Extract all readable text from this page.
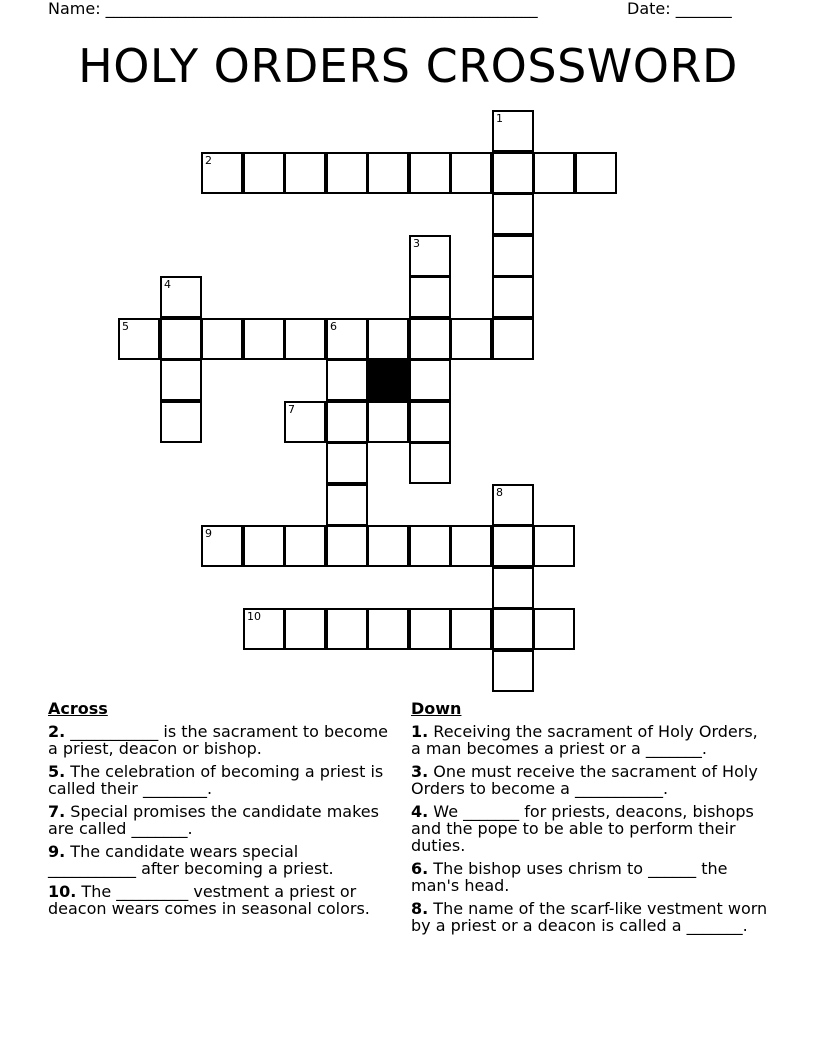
Name: ______________________________________________________	Date: _______
HOLY ORDERS CROSSWORD
1
2
3
4
5	6
7
8
9
10
Across
2. ___________ is the sacrament to become a priest, deacon or bishop.
5. The celebration of becoming a priest is called their ________.
7. Special promises the candidate makes are called _______.
9. The candidate wears special ___________ after becoming a priest.
10. The _________ vestment a priest or deacon wears comes in seasonal colors.
Down
1. Receiving the sacrament of Holy Orders, a man becomes a priest or a _______.
3. One must receive the sacrament of Holy Orders to become a ___________.
4. We _______ for priests, deacons, bishops and the pope to be able to perform their duties.
6. The bishop uses chrism to ______ the man's head.
8. The name of the scarf-like vestment worn by a priest or a deacon is called a _______.
